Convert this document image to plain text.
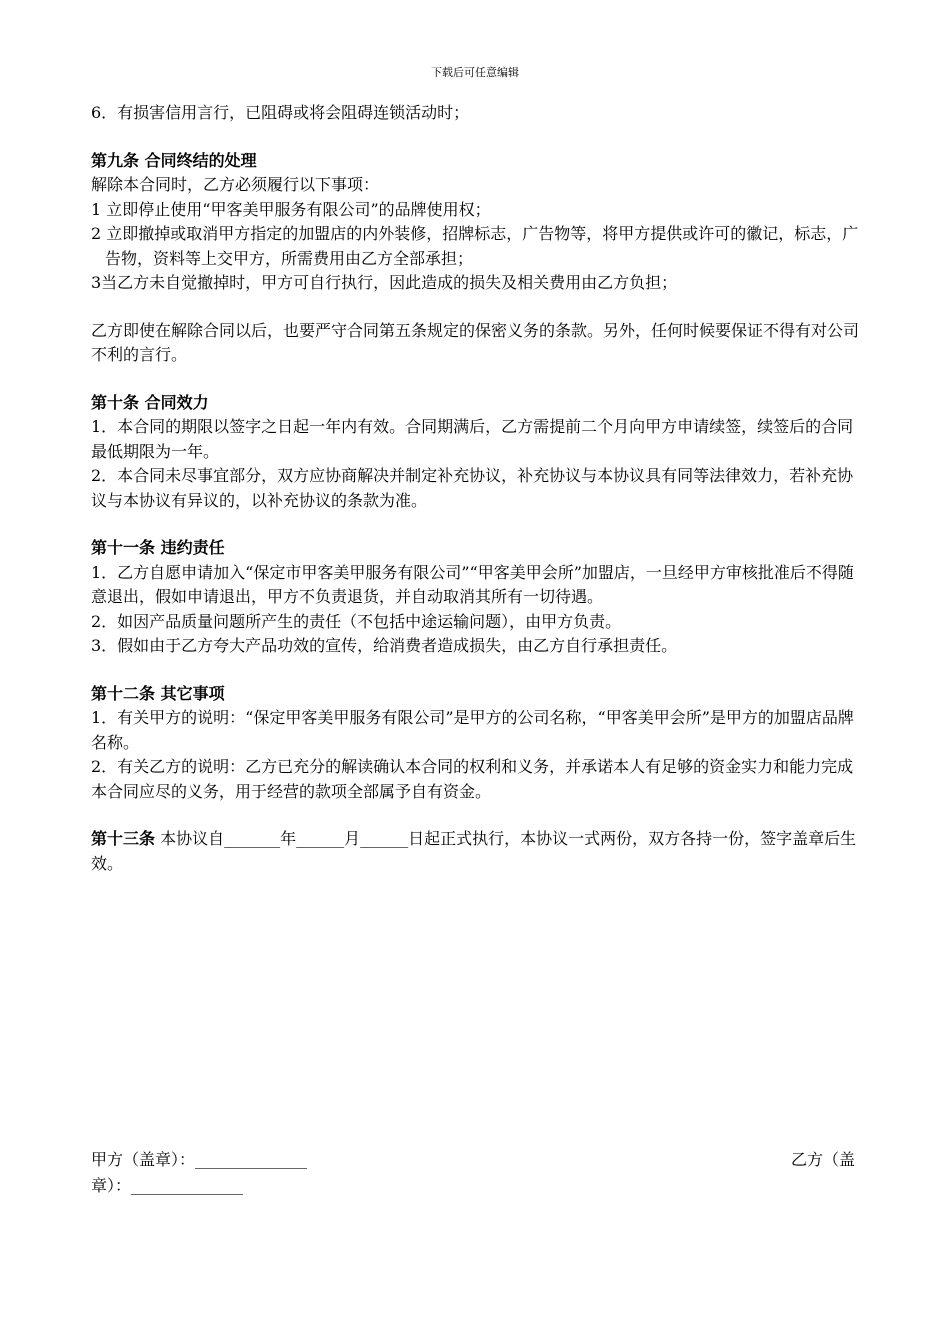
下载后可任意编辑
6．有损害信用言行，已阻碍或将会阻碍连锁活动时；
第九条 合同终结的处理
解除本合同时，乙方必须履行以下事项：
1 立即停止使用“甲客美甲服务有限公司”的品牌使用权；
2 立即撤掉或取消甲方指定的加盟店的内外装修，招牌标志，广告物等，将甲方提供或许可的徽记，标志，广告物，资料等上交甲方，所需费用由乙方全部承担；
3当乙方未自觉撤掉时，甲方可自行执行，因此造成的损失及相关费用由乙方负担；
乙方即使在解除合同以后，也要严守合同第五条规定的保密义务的条款。另外，任何时候要保证不得有对公司不利的言行。
第十条 合同效力
1．本合同的期限以签字之日起一年内有效。合同期满后，乙方需提前二个月向甲方申请续签，续签后的合同最低期限为一年。
2．本合同未尽事宜部分，双方应协商解决并制定补充协议，补充协议与本协议具有同等法律效力，若补充协议与本协议有异议的，以补充协议的条款为准。
第十一条 违约责任
1．乙方自愿申请加入“保定市甲客美甲服务有限公司”“甲客美甲会所”加盟店，一旦经甲方审核批准后不得随意退出，假如申请退出，甲方不负责退货，并自动取消其所有一切待遇。
2．如因产品质量问题所产生的责任（不包括中途运输问题），由甲方负责。
3．假如由于乙方夸大产品功效的宣传，给消费者造成损失，由乙方自行承担责任。
第十二条 其它事项
1．有关甲方的说明：“保定甲客美甲服务有限公司”是甲方的公司名称，“甲客美甲会所”是甲方的加盟店品牌名称。
2．有关乙方的说明：乙方已充分的解读确认本合同的权利和义务，并承诺本人有足够的资金实力和能力完成本合同应尽的义务，用于经营的款项全部属予自有资金。
第十三条 本协议自_______年______月______日起正式执行，本协议一式两份，双方各持一份，签字盖章后生效。
甲方（盖章）：______________	乙方（盖
章）：______________
